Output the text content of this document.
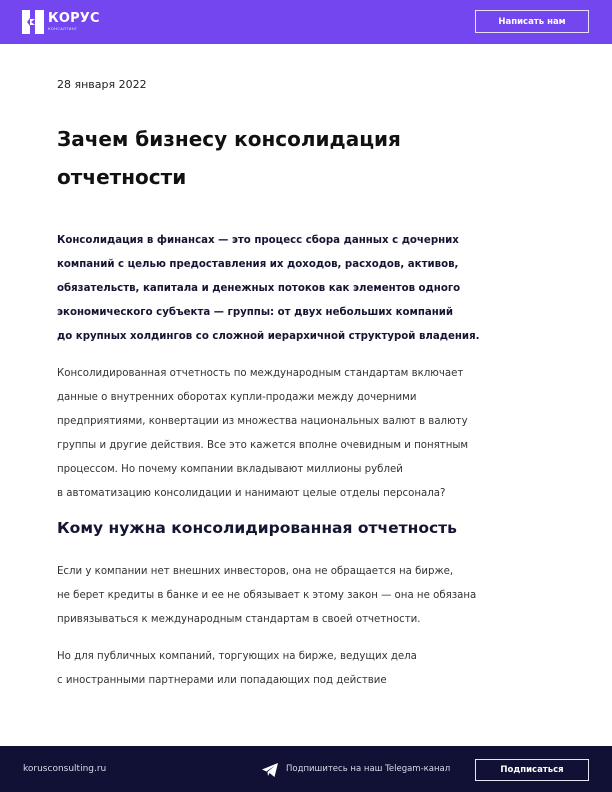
КОРУС
КОНСАЛТИНГ
Написать нам
28 января 2022
Зачем бизнесу консолидация
отчетности

Консолидация в финансах — это процесс сбора данных с дочерних
компаний с целью предоставления их доходов, расходов, активов,
обязательств, капитала и денежных потоков как элементов одного
экономического субъекта — группы: от двух небольших компаний
до крупных холдингов со сложной иерархичной структурой владения.

Консолидированная отчетность по международным стандартам включает
данные о внутренних оборотах купли-продажи между дочерними
предприятиями, конвертации из множества национальных валют в валюту
группы и другие действия. Все это кажется вполне очевидным и понятным
процессом. Но почему компании вкладывают миллионы рублей
в автоматизацию консолидации и нанимают целые отделы персонала?

Кому нужна консолидированная отчетность

Если у компании нет внешних инвесторов, она не обращается на бирже,
не берет кредиты в банке и ее не обязывает к этому закон — она не обязана
привязываться к международным стандартам в своей отчетности.

Но для публичных компаний, торгующих на бирже, ведущих дела
с иностранными партнерами или попадающих под действие

korusconsulting.ru	Подпишитесь на наш Telegam-канал	Подписаться
